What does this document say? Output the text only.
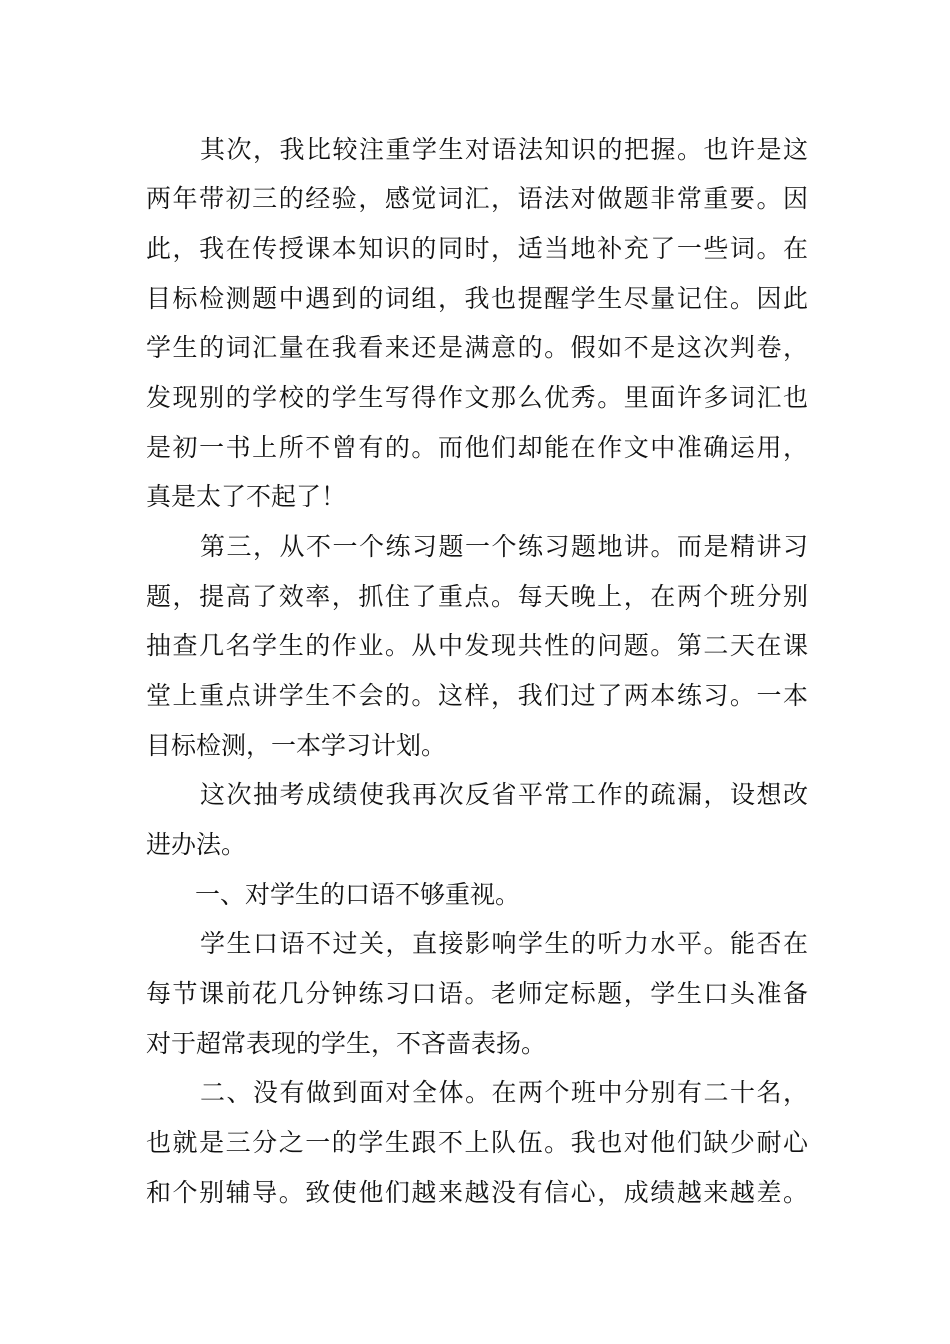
其次，我比较注重学生对语法知识的把握。也许是这
两年带初三的经验，感觉词汇，语法对做题非常重要。因
此，我在传授课本知识的同时，适当地补充了一些词。在
目标检测题中遇到的词组，我也提醒学生尽量记住。因此
学生的词汇量在我看来还是满意的。假如不是这次判卷，
发现别的学校的学生写得作文那么优秀。里面许多词汇也
是初一书上所不曾有的。而他们却能在作文中准确运用，
真是太了不起了！
第三，从不一个练习题一个练习题地讲。而是精讲习
题，提高了效率，抓住了重点。每天晚上，在两个班分别
抽查几名学生的作业。从中发现共性的问题。第二天在课
堂上重点讲学生不会的。这样，我们过了两本练习。一本
目标检测，一本学习计划。
这次抽考成绩使我再次反省平常工作的疏漏，设想改
进办法。
一、对学生的口语不够重视。
学生口语不过关，直接影响学生的听力水平。能否在
每节课前花几分钟练习口语。老师定标题，学生口头准备
对于超常表现的学生，不吝啬表扬。
二、没有做到面对全体。在两个班中分别有二十名，
也就是三分之一的学生跟不上队伍。我也对他们缺少耐心
和个别辅导。致使他们越来越没有信心，成绩越来越差。
